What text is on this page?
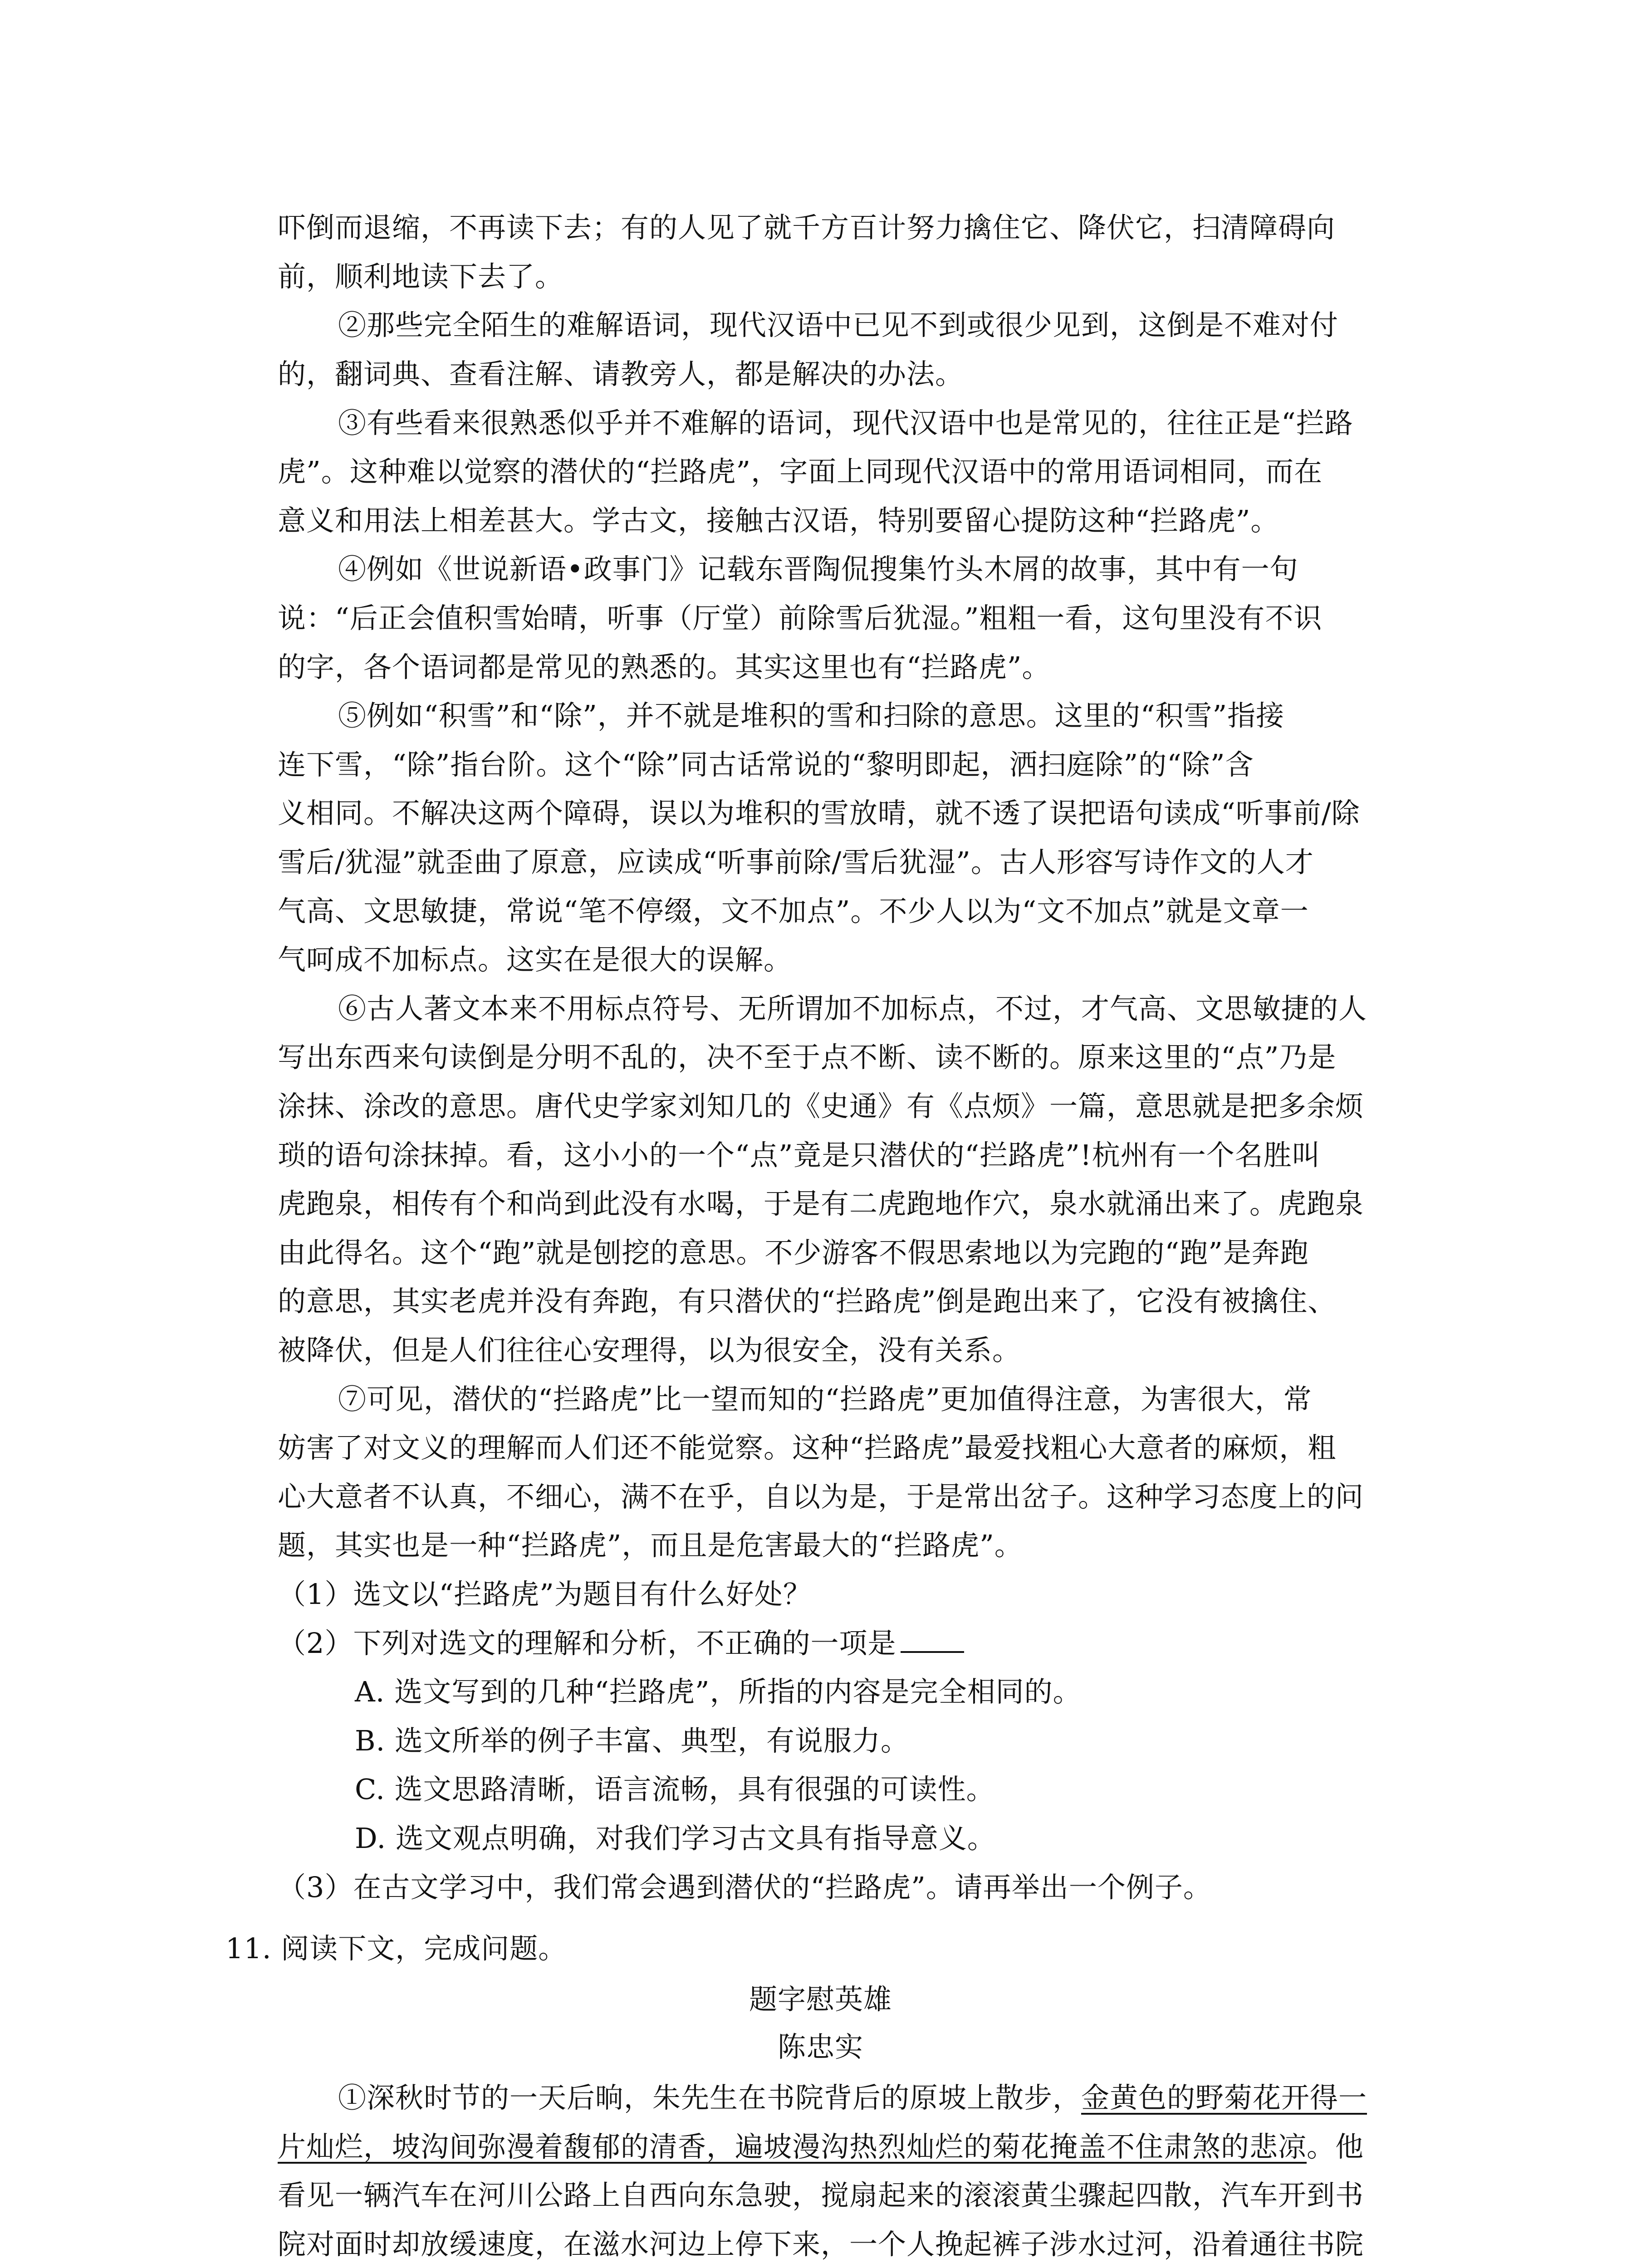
吓倒而退缩，不再读下去；有的人见了就千方百计努力擒住它、降伏它，扫清障碍向
前，顺利地读下去了。
②那些完全陌生的难解语词，现代汉语中已见不到或很少见到，这倒是不难对付
的，翻词典、查看注解、请教旁人，都是解决的办法。
③有些看来很熟悉似乎并不难解的语词，现代汉语中也是常见的，往往正是“拦路
虎”。这种难以觉察的潜伏的“拦路虎”，字面上同现代汉语中的常用语词相同，而在
意义和用法上相差甚大。学古文，接触古汉语，特别要留心提防这种“拦路虎”。
④例如《世说新语•政事门》记载东晋陶侃搜集竹头木屑的故事，其中有一句
说：“后正会值积雪始晴，听事（厅堂）前除雪后犹湿。”粗粗一看，这句里没有不识
的字，各个语词都是常见的熟悉的。其实这里也有“拦路虎”。
⑤例如“积雪”和“除”，并不就是堆积的雪和扫除的意思。这里的“积雪”指接
连下雪，“除”指台阶。这个“除”同古话常说的“黎明即起，洒扫庭除”的“除”含
义相同。不解决这两个障碍，误以为堆积的雪放晴，就不透了误把语句读成“听事前/除
雪后/犹湿”就歪曲了原意，应读成“听事前除/雪后犹湿”。古人形容写诗作文的人才
气高、文思敏捷，常说“笔不停缀，文不加点”。不少人以为“文不加点”就是文章一
气呵成不加标点。这实在是很大的误解。
⑥古人著文本来不用标点符号、无所谓加不加标点，不过，才气高、文思敏捷的人
写出东西来句读倒是分明不乱的，决不至于点不断、读不断的。原来这里的“点”乃是
涂抹、涂改的意思。唐代史学家刘知几的《史通》有《点烦》一篇，意思就是把多余烦
琐的语句涂抹掉。看，这小小的一个“点”竟是只潜伏的“拦路虎”!杭州有一个名胜叫
虎跑泉，相传有个和尚到此没有水喝，于是有二虎跑地作穴，泉水就涌出来了。虎跑泉
由此得名。这个“跑”就是刨挖的意思。不少游客不假思索地以为完跑的“跑”是奔跑
的意思，其实老虎并没有奔跑，有只潜伏的“拦路虎”倒是跑出来了，它没有被擒住、
被降伏，但是人们往往心安理得，以为很安全，没有关系。
⑦可见，潜伏的“拦路虎”比一望而知的“拦路虎”更加值得注意，为害很大，常
妨害了对文义的理解而人们还不能觉察。这种“拦路虎”最爱找粗心大意者的麻烦，粗
心大意者不认真，不细心，满不在乎，自以为是，于是常出岔子。这种学习态度上的问
题，其实也是一种“拦路虎”，而且是危害最大的“拦路虎”。
（1）选文以“拦路虎”为题目有什么好处？
（2）下列对选文的理解和分析，不正确的一项是
A. 选文写到的几种“拦路虎”，所指的内容是完全相同的。
B. 选文所举的例子丰富、典型，有说服力。
C. 选文思路清晰，语言流畅，具有很强的可读性。
D. 选文观点明确，对我们学习古文具有指导意义。
（3）在古文学习中，我们常会遇到潜伏的“拦路虎”。请再举出一个例子。
11. 阅读下文，完成问题。
题字慰英雄
陈忠实
①深秋时节的一天后晌，朱先生在书院背后的原坡上散步，金黄色的野菊花开得一
片灿烂，坡沟间弥漫着馥郁的清香，遍坡漫沟热烈灿烂的菊花掩盖不住肃煞的悲凉。他
看见一辆汽车在河川公路上自西向东急驶，搅扇起来的滚滚黄尘骤起四散，汽车开到书
院对面时却放缓速度，在滋水河边上停下来，一个人挽起裤子涉水过河，沿着通往书院
